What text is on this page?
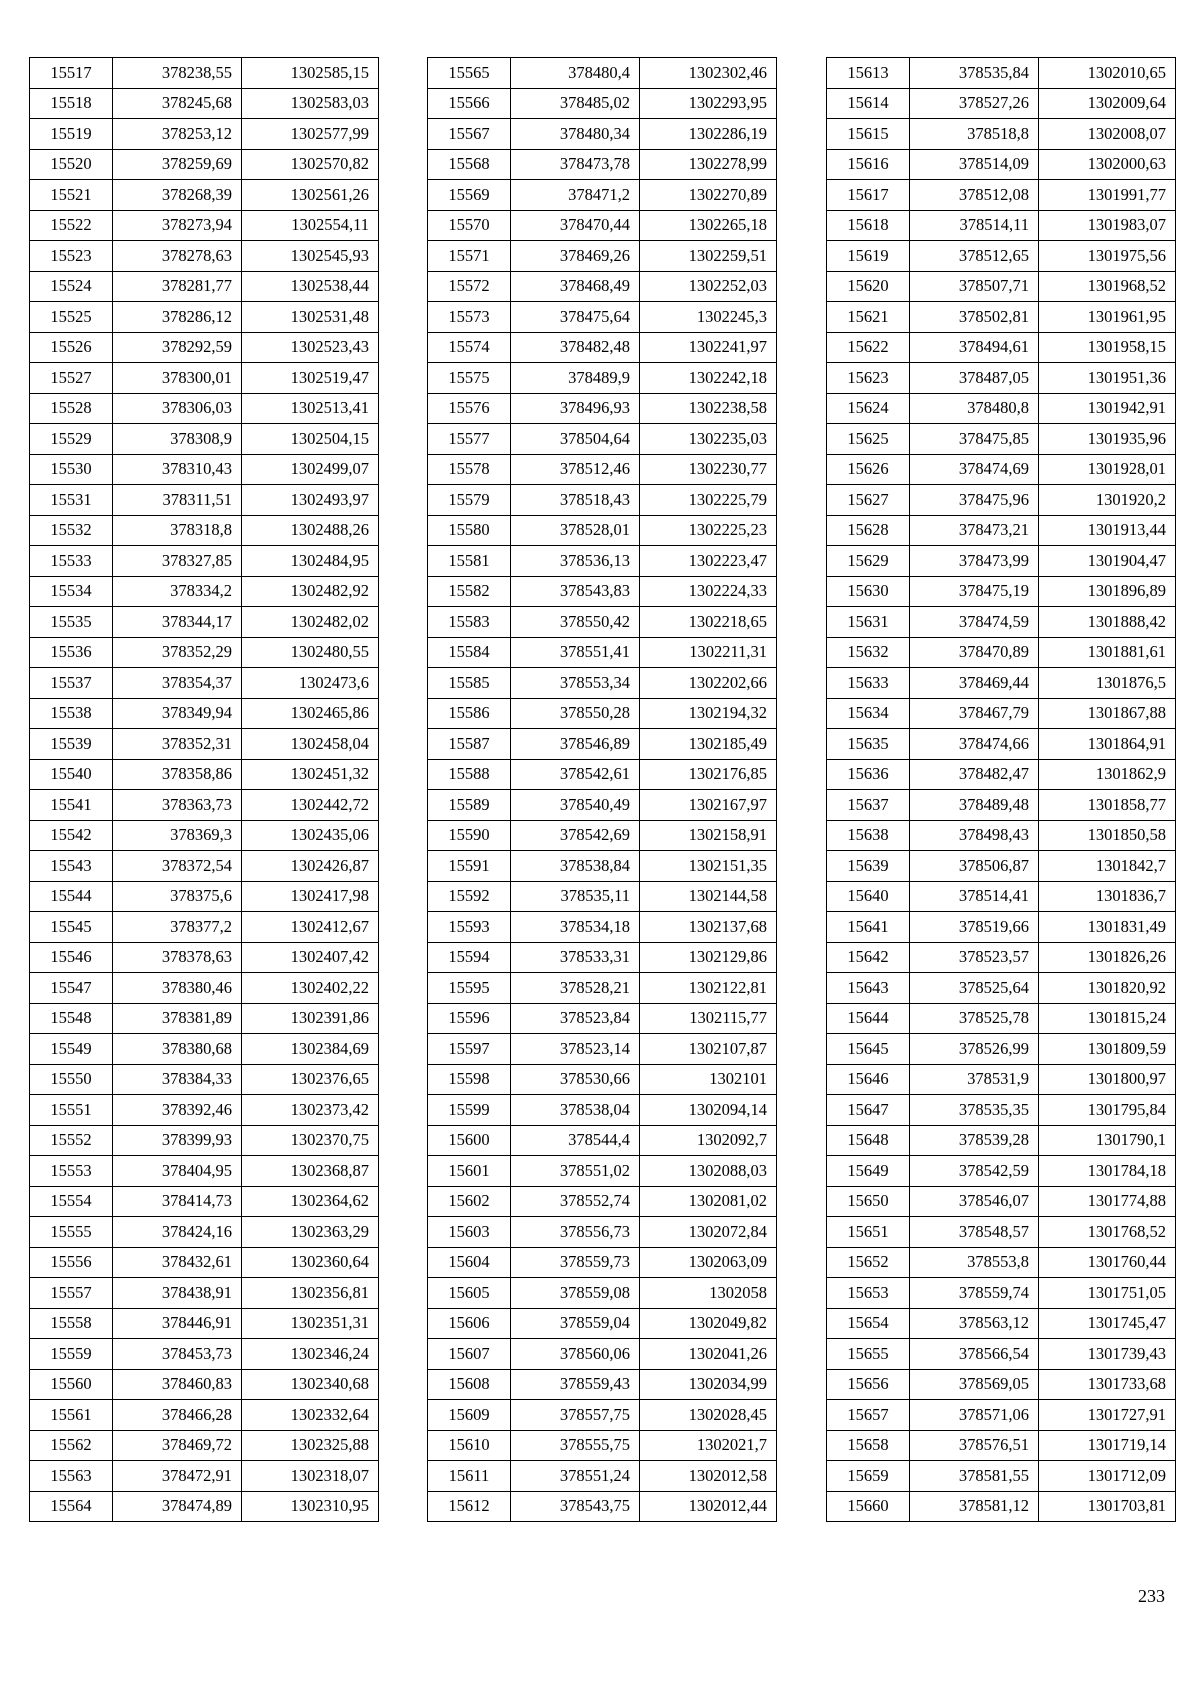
15517	378238,55	1302585,15
15518	378245,68	1302583,03
15519	378253,12	1302577,99
15520	378259,69	1302570,82
15521	378268,39	1302561,26
15522	378273,94	1302554,11
15523	378278,63	1302545,93
15524	378281,77	1302538,44
15525	378286,12	1302531,48
15526	378292,59	1302523,43
15527	378300,01	1302519,47
15528	378306,03	1302513,41
15529	378308,9	1302504,15
15530	378310,43	1302499,07
15531	378311,51	1302493,97
15532	378318,8	1302488,26
15533	378327,85	1302484,95
15534	378334,2	1302482,92
15535	378344,17	1302482,02
15536	378352,29	1302480,55
15537	378354,37	1302473,6
15538	378349,94	1302465,86
15539	378352,31	1302458,04
15540	378358,86	1302451,32
15541	378363,73	1302442,72
15542	378369,3	1302435,06
15543	378372,54	1302426,87
15544	378375,6	1302417,98
15545	378377,2	1302412,67
15546	378378,63	1302407,42
15547	378380,46	1302402,22
15548	378381,89	1302391,86
15549	378380,68	1302384,69
15550	378384,33	1302376,65
15551	378392,46	1302373,42
15552	378399,93	1302370,75
15553	378404,95	1302368,87
15554	378414,73	1302364,62
15555	378424,16	1302363,29
15556	378432,61	1302360,64
15557	378438,91	1302356,81
15558	378446,91	1302351,31
15559	378453,73	1302346,24
15560	378460,83	1302340,68
15561	378466,28	1302332,64
15562	378469,72	1302325,88
15563	378472,91	1302318,07
15564	378474,89	1302310,95
15565	378480,4	1302302,46
15566	378485,02	1302293,95
15567	378480,34	1302286,19
15568	378473,78	1302278,99
15569	378471,2	1302270,89
15570	378470,44	1302265,18
15571	378469,26	1302259,51
15572	378468,49	1302252,03
15573	378475,64	1302245,3
15574	378482,48	1302241,97
15575	378489,9	1302242,18
15576	378496,93	1302238,58
15577	378504,64	1302235,03
15578	378512,46	1302230,77
15579	378518,43	1302225,79
15580	378528,01	1302225,23
15581	378536,13	1302223,47
15582	378543,83	1302224,33
15583	378550,42	1302218,65
15584	378551,41	1302211,31
15585	378553,34	1302202,66
15586	378550,28	1302194,32
15587	378546,89	1302185,49
15588	378542,61	1302176,85
15589	378540,49	1302167,97
15590	378542,69	1302158,91
15591	378538,84	1302151,35
15592	378535,11	1302144,58
15593	378534,18	1302137,68
15594	378533,31	1302129,86
15595	378528,21	1302122,81
15596	378523,84	1302115,77
15597	378523,14	1302107,87
15598	378530,66	1302101
15599	378538,04	1302094,14
15600	378544,4	1302092,7
15601	378551,02	1302088,03
15602	378552,74	1302081,02
15603	378556,73	1302072,84
15604	378559,73	1302063,09
15605	378559,08	1302058
15606	378559,04	1302049,82
15607	378560,06	1302041,26
15608	378559,43	1302034,99
15609	378557,75	1302028,45
15610	378555,75	1302021,7
15611	378551,24	1302012,58
15612	378543,75	1302012,44
15613	378535,84	1302010,65
15614	378527,26	1302009,64
15615	378518,8	1302008,07
15616	378514,09	1302000,63
15617	378512,08	1301991,77
15618	378514,11	1301983,07
15619	378512,65	1301975,56
15620	378507,71	1301968,52
15621	378502,81	1301961,95
15622	378494,61	1301958,15
15623	378487,05	1301951,36
15624	378480,8	1301942,91
15625	378475,85	1301935,96
15626	378474,69	1301928,01
15627	378475,96	1301920,2
15628	378473,21	1301913,44
15629	378473,99	1301904,47
15630	378475,19	1301896,89
15631	378474,59	1301888,42
15632	378470,89	1301881,61
15633	378469,44	1301876,5
15634	378467,79	1301867,88
15635	378474,66	1301864,91
15636	378482,47	1301862,9
15637	378489,48	1301858,77
15638	378498,43	1301850,58
15639	378506,87	1301842,7
15640	378514,41	1301836,7
15641	378519,66	1301831,49
15642	378523,57	1301826,26
15643	378525,64	1301820,92
15644	378525,78	1301815,24
15645	378526,99	1301809,59
15646	378531,9	1301800,97
15647	378535,35	1301795,84
15648	378539,28	1301790,1
15649	378542,59	1301784,18
15650	378546,07	1301774,88
15651	378548,57	1301768,52
15652	378553,8	1301760,44
15653	378559,74	1301751,05
15654	378563,12	1301745,47
15655	378566,54	1301739,43
15656	378569,05	1301733,68
15657	378571,06	1301727,91
15658	378576,51	1301719,14
15659	378581,55	1301712,09
15660	378581,12	1301703,81
233
